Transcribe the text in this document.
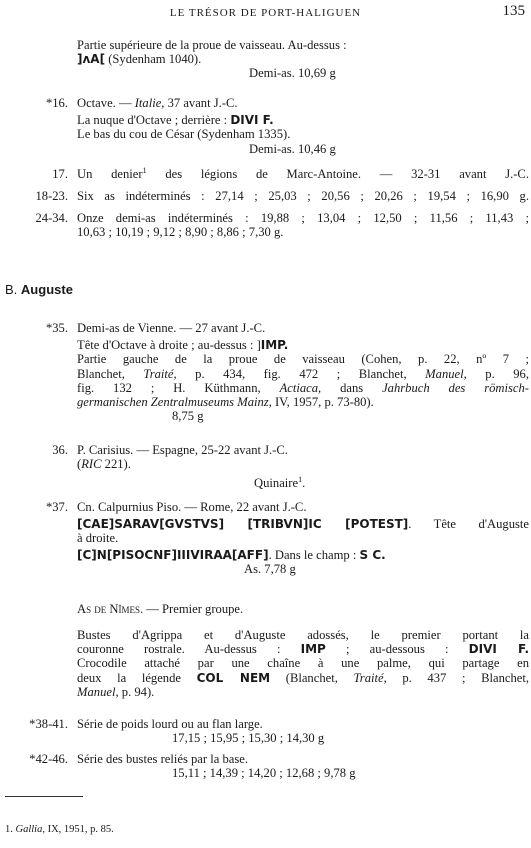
LE TRÉSOR DE PORT-HALIGUEN	135
Partie supérieure de la proue de vaisseau. Au-dessus :
]ʌA[ (Sydenham 1040).
Demi-as. 10,69 g
*16. Octave. — Italie, 37 avant J.-C.
La nuque d'Octave ; derrière : DIVI F.
Le bas du cou de César (Sydenham 1335).
Demi-as. 10,46 g
17. Un denier$^1$ des légions de Marc-Antoine. — 32-31 avant J.-C.
18-23. Six as indéterminés : 27,14 ; 25,03 ; 20,56 ; 20,26 ; 19,54 ; 16,90 g.
24-34. Onze demi-as indéterminés : 19,88 ; 13,04 ; 12,50 ; 11,56 ; 11,43 ;
10,63 ; 10,19 ; 9,12 ; 8,90 ; 8,86 ; 7,30 g.
B. Auguste
*35. Demi-as de Vienne. — 27 avant J.-C.
Tête d'Octave à droite ; au-dessus : ]IMP.
Partie gauche de la proue de vaisseau (Cohen, p. 22, nº 7 ;
Blanchet, Traité, p. 434, fig. 472 ; Blanchet, Manuel, p. 96,
fig. 132 ; H. Küthmann, Actiaca, dans Jahrbuch des römisch-
germanischen Zentralmuseums Mainz, IV, 1957, p. 73-80).
8,75 g
36. P. Carisius. — Espagne, 25-22 avant J.-C.
(RIC 221).
Quinaire$^1$.
*37. Cn. Calpurnius Piso. — Rome, 22 avant J.-C.
[CAE]SARAV[GVSTVS] [TRIBVN]IC [POTEST]. Tête d'Auguste
à droite.
[C]N[PISOCNF]IIIVIRAA[AFF]. Dans le champ : S C.
As. 7,78 g
As de Nîmes. — Premier groupe.
Bustes d'Agrippa et d'Auguste adossés, le premier portant la
couronne rostrale. Au-dessus : IMP ; au-dessous : DIVI F.
Crocodile attaché par une chaîne à une palme, qui partage en
deux la légende COL NEM (Blanchet, Traité, p. 437 ; Blanchet,
Manuel, p. 94).
*38-41. Série de poids lourd ou au flan large.
17,15 ; 15,95 ; 15,30 ; 14,30 g
*42-46. Série des bustes reliés par la base.
15,11 ; 14,39 ; 14,20 ; 12,68 ; 9,78 g
1. Gallia, IX, 1951, p. 85.
